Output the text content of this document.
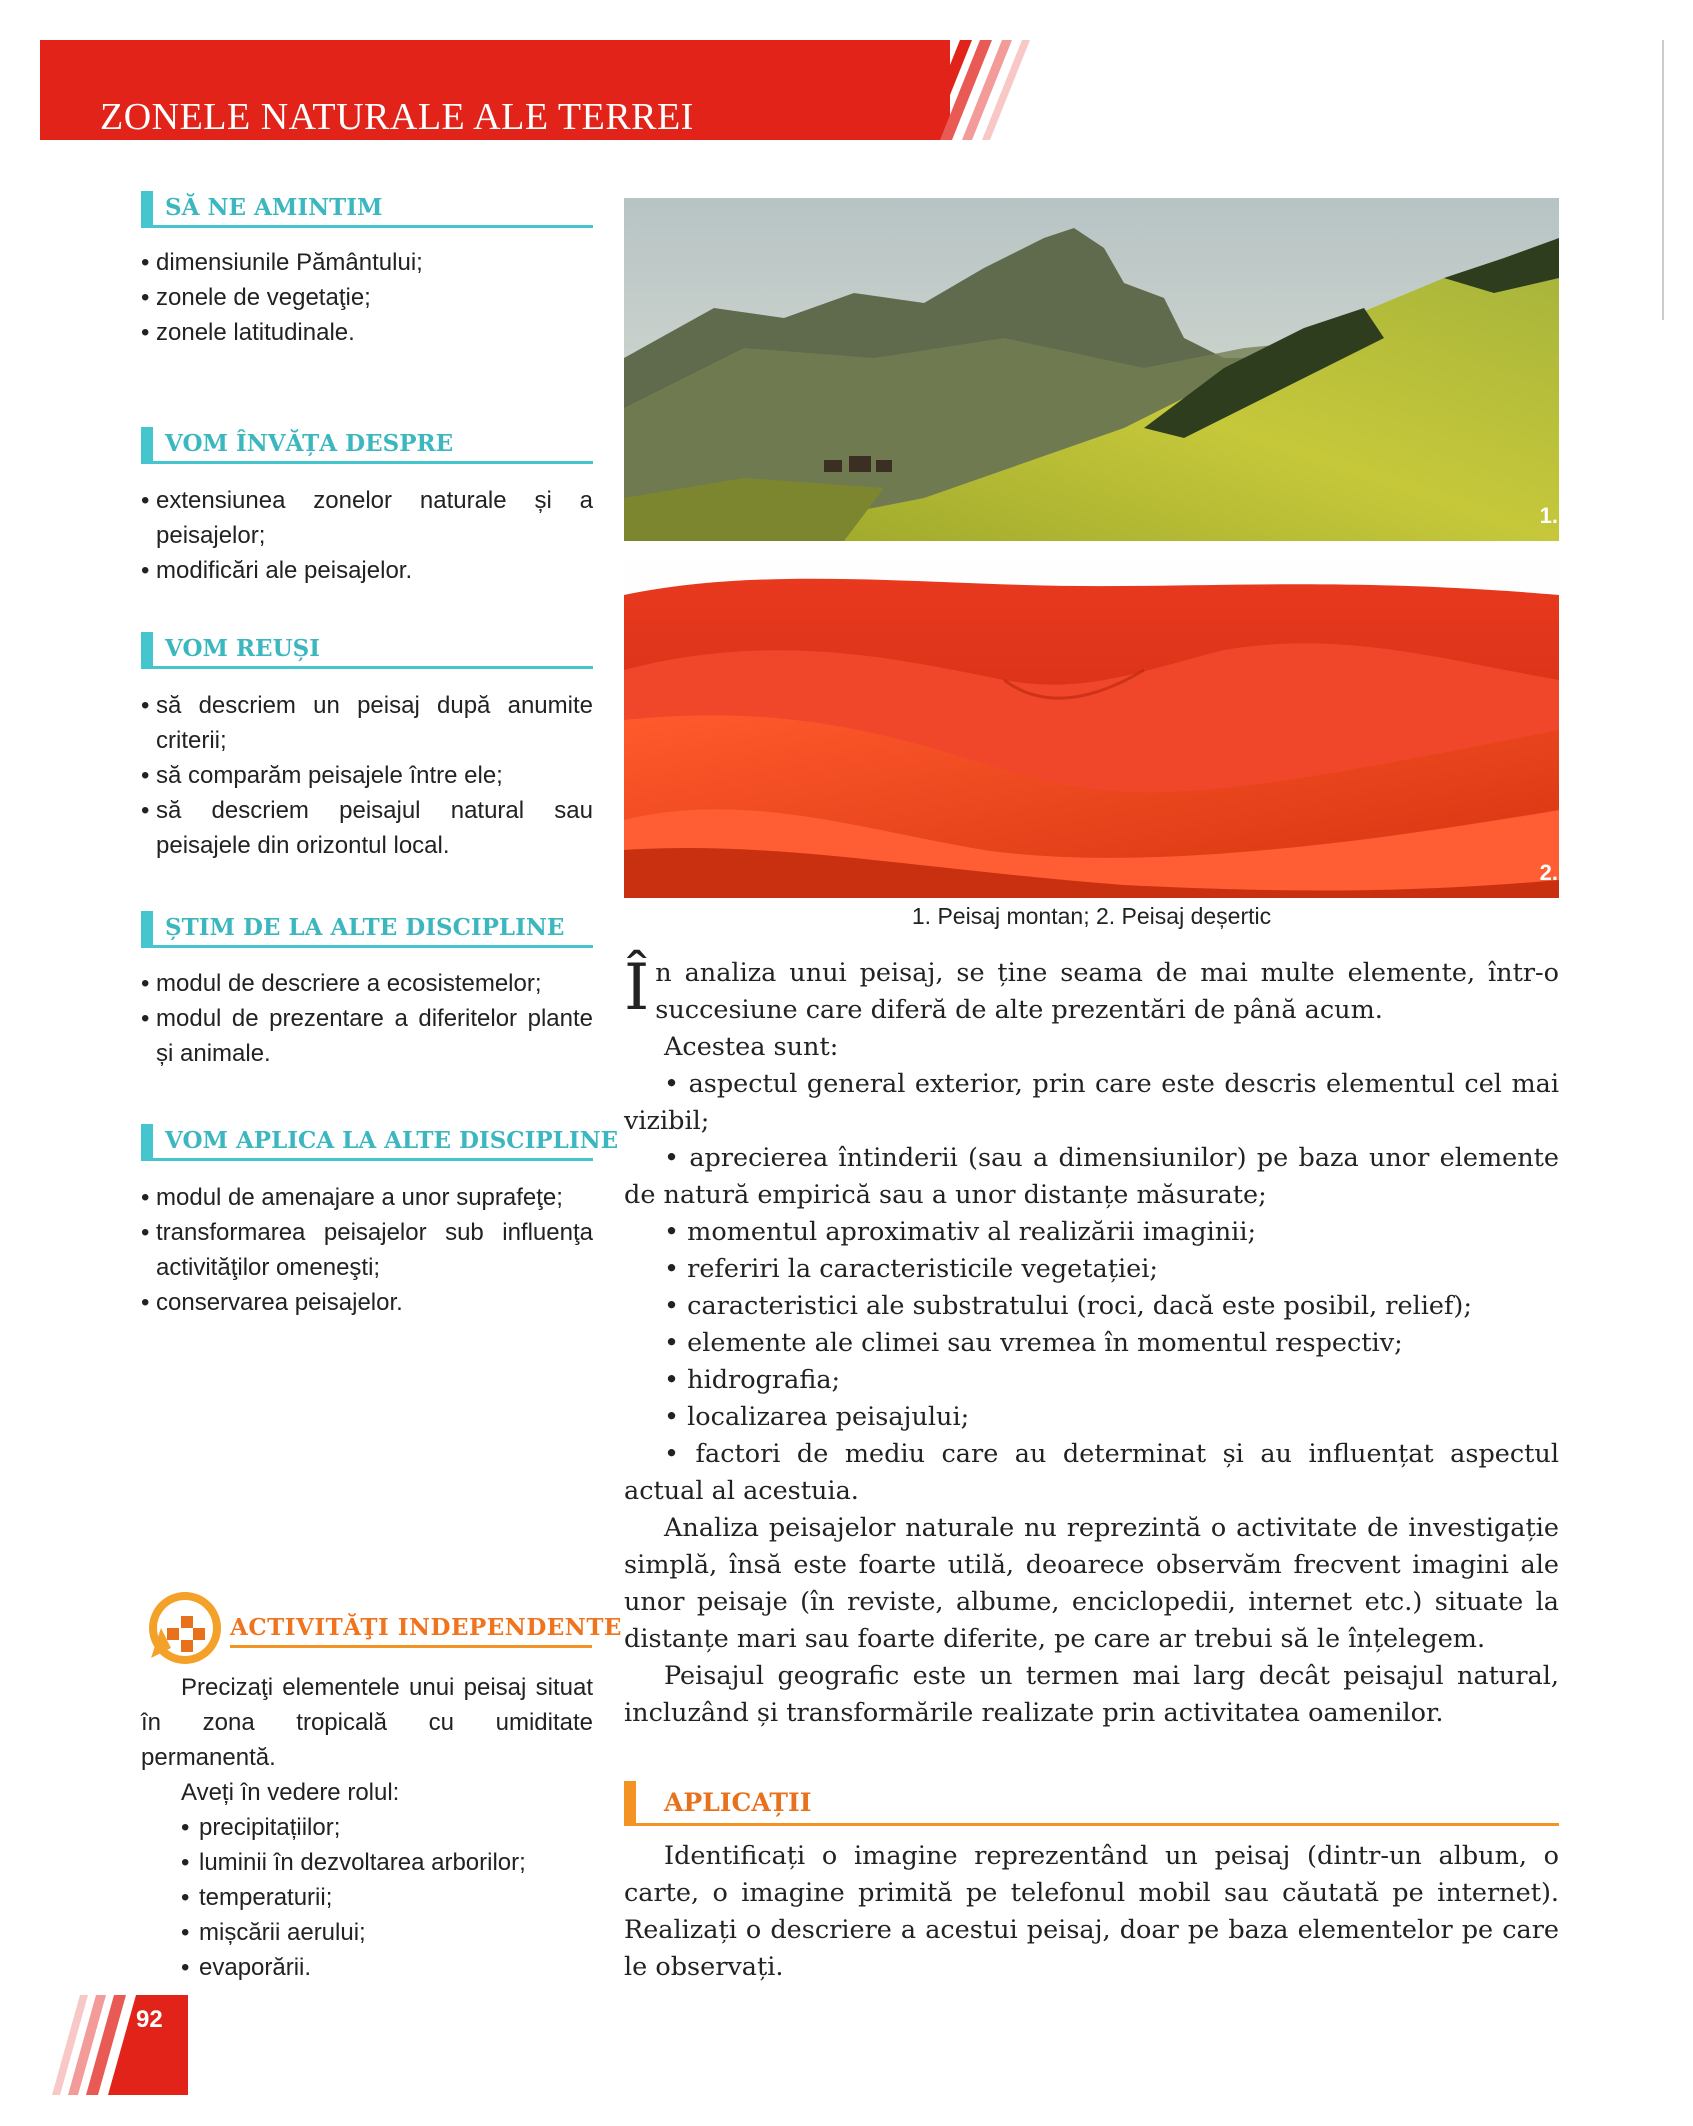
ZONELE NATURALE ALE TERREI
SĂ NE AMINTIM
• dimensiunile Pământului;
• zonele de vegetaţie;
• zonele latitudinale.
VOM ÎNVĂȚA DESPRE
• extensiunea zonelor naturale și a peisajelor;
• modificări ale peisajelor.
VOM REUȘI
• să descriem un peisaj după anumite criterii;
• să comparăm peisajele între ele;
• să descriem peisajul natural sau peisajele din orizontul local.
ȘTIM DE LA ALTE DISCIPLINE
• modul de descriere a ecosistemelor;
• modul de prezentare a diferitelor plante și animale.
VOM APLICA LA ALTE DISCIPLINE
• modul de amenajare a unor suprafeţe;
• transformarea peisajelor sub influenţa activităţilor omeneşti;
• conservarea peisajelor.
1.
2.
1. Peisaj montan; 2. Peisaj deșertic

În analiza unui peisaj, se ține seama de mai multe elemente, într-o succesiune care diferă de alte prezentări de până acum.

Acestea sunt:

• aspectul general exterior, prin care este descris elementul cel mai vizibil;

• aprecierea întinderii (sau a dimensiunilor) pe baza unor elemente de natură empirică sau a unor distanțe măsurate;

• momentul aproximativ al realizării imaginii;

• referiri la caracteristicile vegetației;

• caracteristici ale substratului (roci, dacă este posibil, relief);

• elemente ale climei sau vremea în momentul respectiv;

• hidrografia;

• localizarea peisajului;

• factori de mediu care au determinat și au influențat aspectul actual al acestuia.

Analiza peisajelor naturale nu reprezintă o activitate de investigație simplă, însă este foarte utilă, deoarece observăm frecvent imagini ale unor peisaje (în reviste, albume, enciclopedii, internet etc.) situate la distanțe mari sau foarte diferite, pe care ar trebui să le înțelegem.

Peisajul geografic este un termen mai larg decât peisajul natural, incluzând și transformările realizate prin activitatea oamenilor.

APLICAȚII
Identificați o imagine reprezentând un peisaj (dintr-un album, o carte, o imagine primită pe telefonul mobil sau căutată pe internet). Realizați o descriere a acestui peisaj, doar pe baza elementelor pe care le observați.
ACTIVITĂŢI INDEPENDENTE

Precizaţi elementele unui peisaj situat în zona tropicală cu umiditate permanentă.

Aveți în vedere rolul:

• precipitațiilor;
• luminii în dezvoltarea arborilor;
• temperaturii;
• mișcării aerului;
• evaporării.
92
